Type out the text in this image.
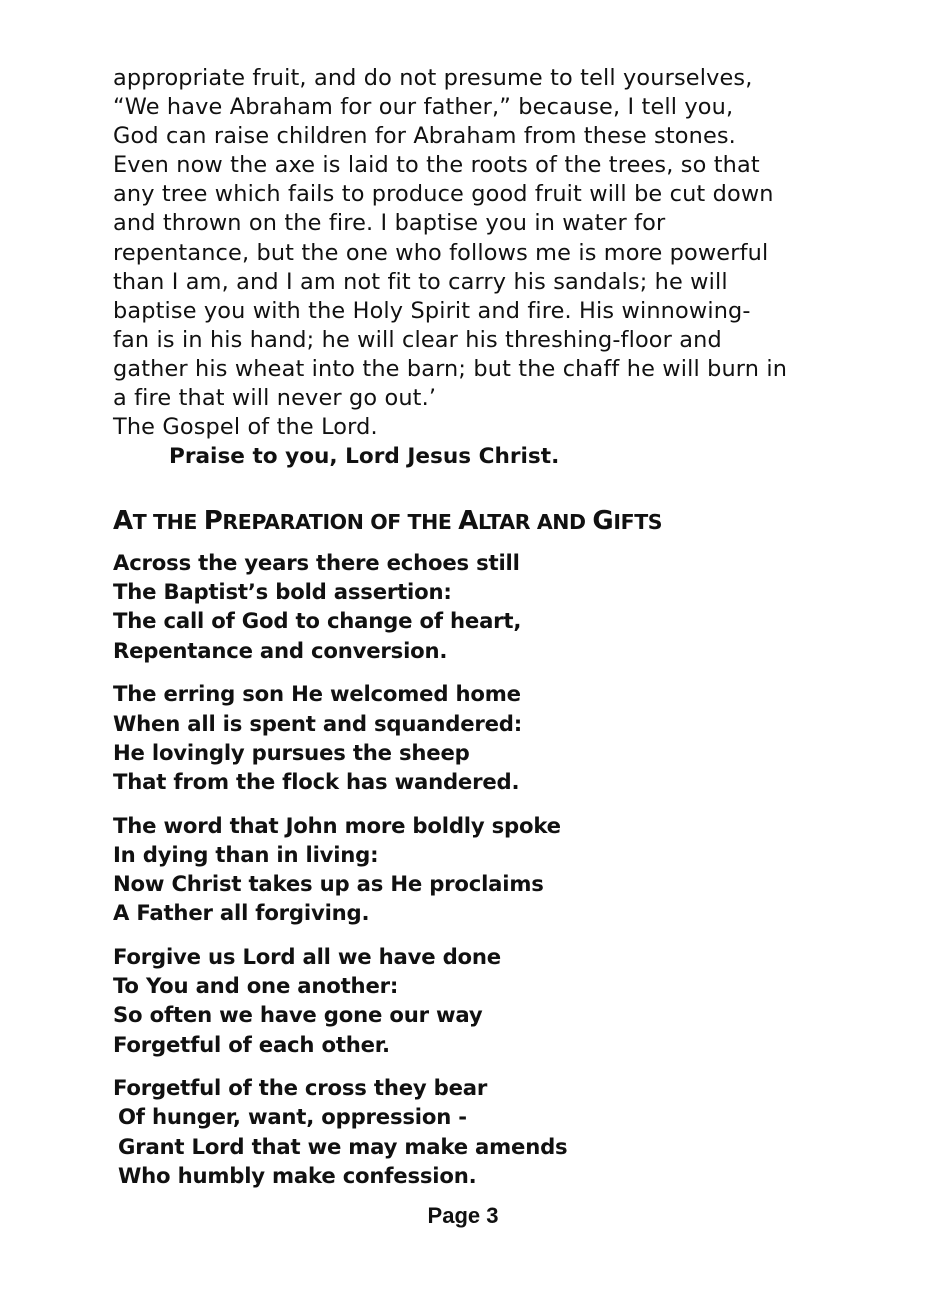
appropriate fruit, and do not presume to tell yourselves,
“We have Abraham for our father,” because, I tell you,
God can raise children for Abraham from these stones.
Even now the axe is laid to the roots of the trees, so that
any tree which fails to produce good fruit will be cut down
and thrown on the fire. I baptise you in water for
repentance, but the one who follows me is more powerful
than I am, and I am not fit to carry his sandals; he will
baptise you with the Holy Spirit and fire. His winnowing-
fan is in his hand; he will clear his threshing-floor and
gather his wheat into the barn; but the chaff he will burn in
a fire that will never go out.’
The Gospel of the Lord.
Praise to you, Lord Jesus Christ.
AT THE PREPARATION OF THE ALTAR AND GIFTS
Across the years there echoes still
The Baptist’s bold assertion:
The call of God to change of heart,
Repentance and conversion.
The erring son He welcomed home
When all is spent and squandered:
He lovingly pursues the sheep
That from the flock has wandered.
The word that John more boldly spoke
In dying than in living:
Now Christ takes up as He proclaims
A Father all forgiving.
Forgive us Lord all we have done
To You and one another:
So often we have gone our way
Forgetful of each other.
Forgetful of the cross they bear
Of hunger, want, oppression -
Grant Lord that we may make amends
Who humbly make confession.
Page 3
